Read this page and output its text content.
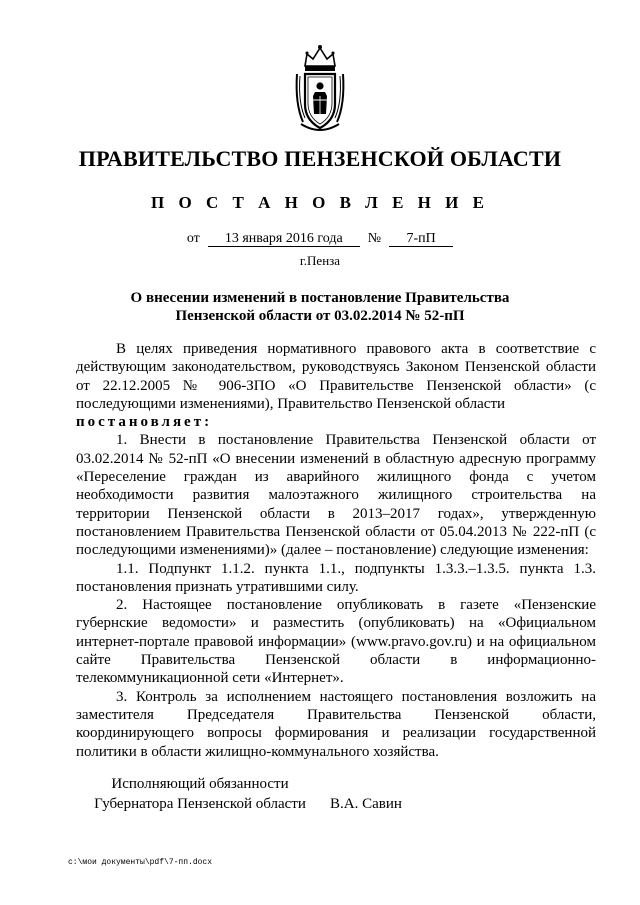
ПРАВИТЕЛЬСТВО ПЕНЗЕНСКОЙ ОБЛАСТИ
П О С Т А Н О В Л Е Н И Е
от 13 января 2016 года № 7-пП
г.Пенза
О внесении изменений в постановление Правительства
Пензенской области от 03.02.2014 № 52-пП

В целях приведения нормативного правового акта в соответствие с действующим законодательством, руководствуясь Законом Пензенской области от 22.12.2005 № 906-ЗПО «О Правительстве Пензенской области» (с последующими изменениями), Правительство Пензенской области

постановляет:

1. Внести в постановление Правительства Пензенской области от 03.02.2014 № 52-пП «О внесении изменений в областную адресную программу «Переселение граждан из аварийного жилищного фонда с учетом необходимости развития малоэтажного жилищного строительства на территории Пензенской области в 2013–2017 годах», утвержденную постановлением Правительства Пензенской области от 05.04.2013 № 222-пП (с последующими изменениями)» (далее – постановление) следующие изменения:

1.1. Подпункт 1.1.2. пункта 1.1., подпункты 1.3.3.–1.3.5. пункта 1.3. постановления признать утратившими силу.

2. Настоящее постановление опубликовать в газете «Пензенские губернские ведомости» и разместить (опубликовать) на «Официальном интернет-портале правовой информации» (www.pravo.gov.ru) и на официальном сайте Правительства Пензенской области в информационно-телекоммуникационной сети «Интернет».

3. Контроль за исполнением настоящего постановления возложить на заместителя Председателя Правительства Пензенской области, координирующего вопросы формирования и реализации государственной политики в области жилищно-коммунального хозяйства.

Исполняющий обязанности
Губернатора Пензенской области	В.А. Савин
c:\мои документы\pdf\7-пп.docx
